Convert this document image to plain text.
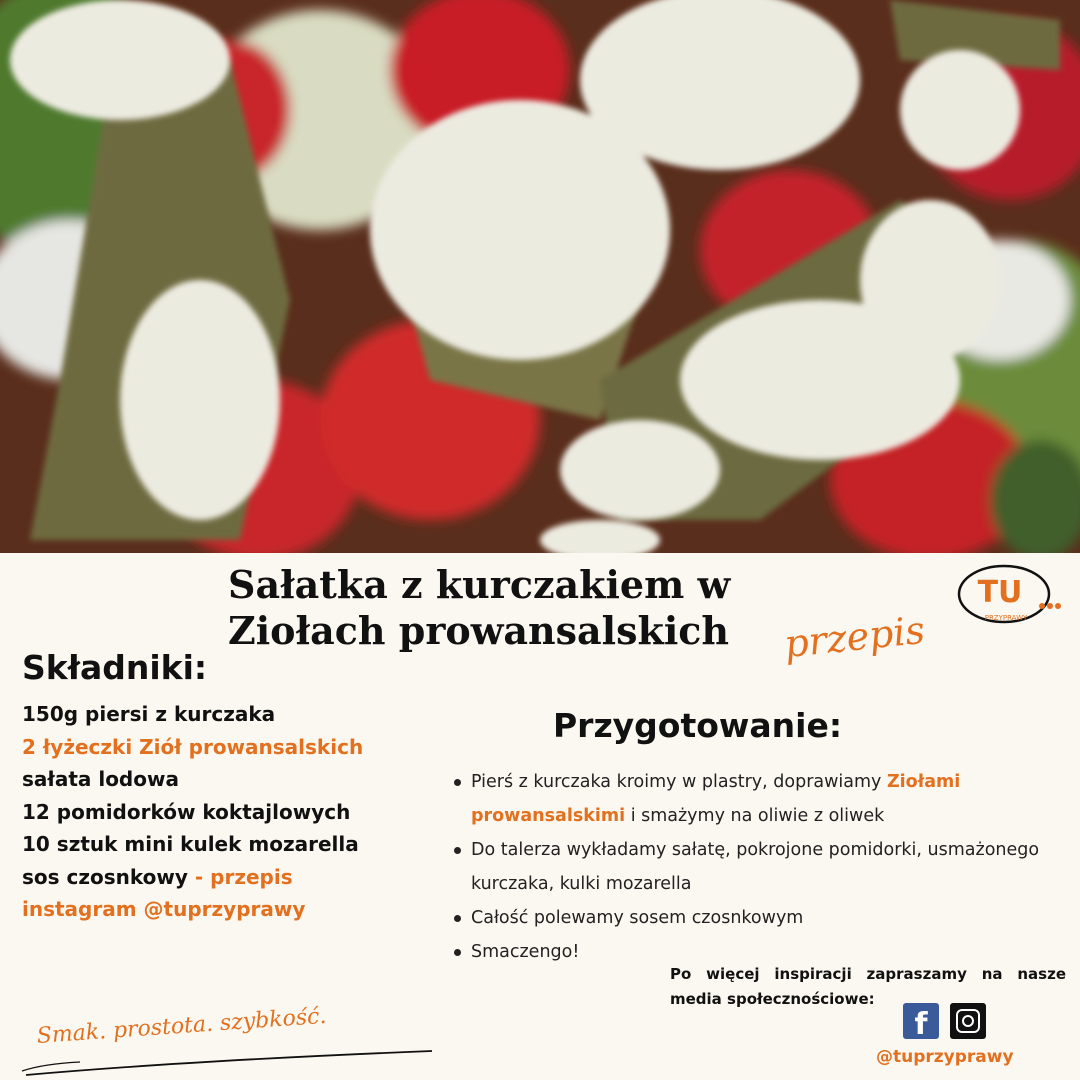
Sałatka z kurczakiem w
Ziołach prowansalskich	przepis
TU
PRZYPRAWY
Składniki:
150g piersi z kurczaka
2 łyżeczki Ziół prowansalskich
sałata lodowa
12 pomidorków koktajlowych
10 sztuk mini kulek mozarella
sos czosnkowy - przepis
instagram @tuprzyprawy
Przygotowanie:
Pierś z kurczaka kroimy w plastry, doprawiamy Ziołami prowansalskimi i smażymy na oliwie z oliwek
Do talerza wykładamy sałatę, pokrojone pomidorki, usmażonego kurczaka, kulki mozarella
Całość polewamy sosem czosnkowym
Smaczengo!
Po więcej inspiracji zapraszamy na nasze media społecznościowe:
f
@tuprzyprawy
Smak. prostota. szybkość.
